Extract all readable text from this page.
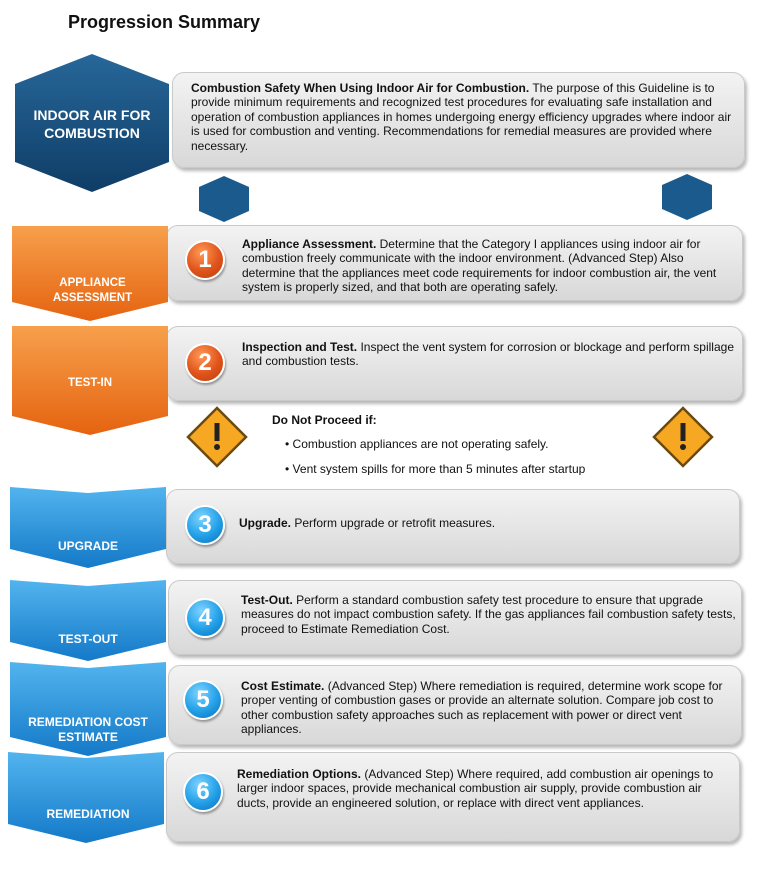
Progression Summary
INDOOR AIR FOR COMBUSTION
Combustion Safety When Using Indoor Air for Combustion. The purpose of this Guideline is to provide minimum requirements and recognized test procedures for evaluating safe installation and operation of combustion appliances in homes undergoing energy efficiency upgrades where indoor air is used for combustion and venting. Recommendations for remedial measures are provided where necessary.
APPLIANCE ASSESSMENT
1
Appliance Assessment. Determine that the Category I appliances using indoor air for combustion freely communicate with the indoor environment. (Advanced Step) Also determine that the appliances meet code requirements for indoor combustion air, the vent system is properly sized, and that both are operating safely.
TEST-IN
2
Inspection and Test. Inspect the vent system for corrosion or blockage and perform spillage and combustion tests.
Do Not Proceed if:
• Combustion appliances are not operating safely.
• Vent system spills for more than 5 minutes after startup
UPGRADE
3	Upgrade. Perform upgrade or retrofit measures.
TEST-OUT
4
Test-Out. Perform a standard combustion safety test procedure to ensure that upgrade measures do not impact combustion safety. If the gas appliances fail combustion safety tests, proceed to Estimate Remediation Cost.
REMEDIATION COST ESTIMATE
5	Cost Estimate. (Advanced Step) Where remediation is required, determine work scope for proper venting of combustion gases or provide an alternate solution. Compare job cost to other combustion safety approaches such as replacement with power or direct vent appliances.
REMEDIATION
6
Remediation Options. (Advanced Step) Where required, add combustion air openings to larger indoor spaces, provide mechanical combustion air supply, provide combustion air ducts, provide an engineered solution, or replace with direct vent appliances.
